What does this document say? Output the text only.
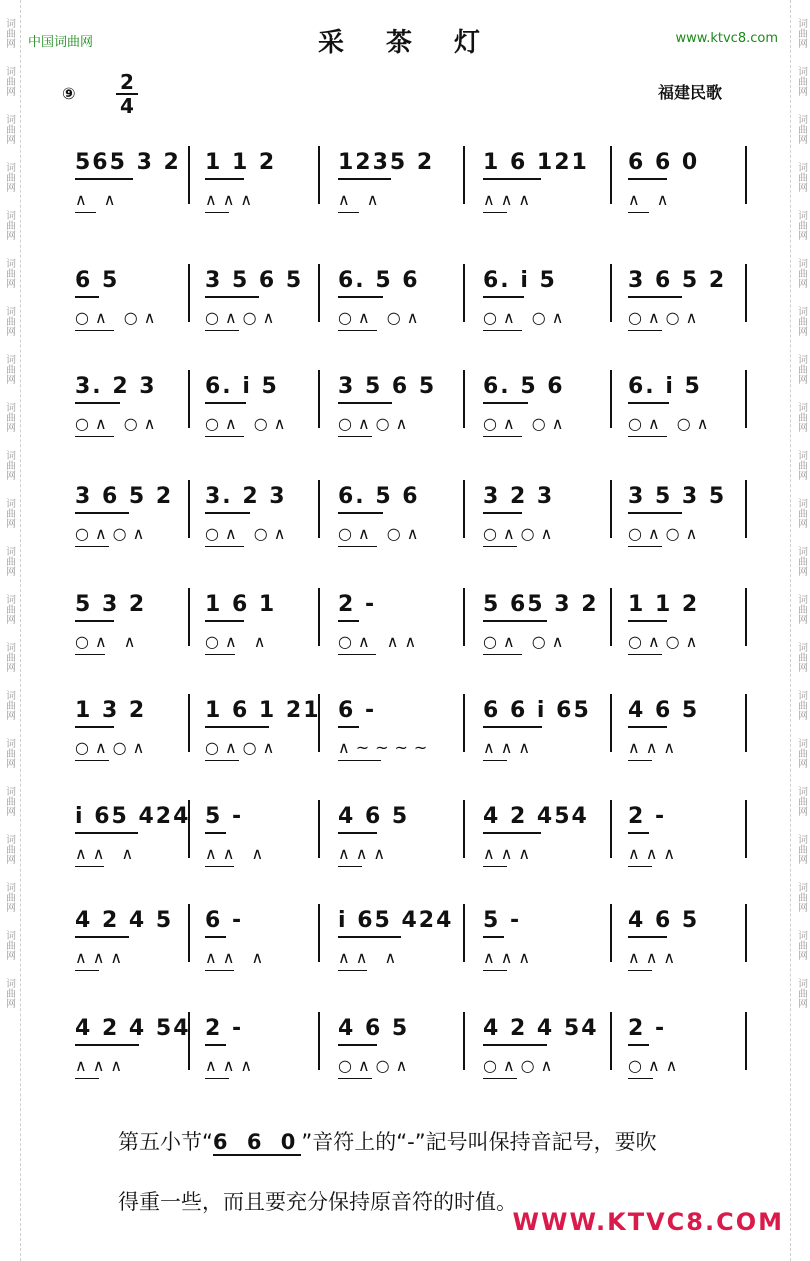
词曲网
词曲网
词曲网
词曲网
词曲网
词曲网
词曲网
词曲网
词曲网
词曲网
词曲网
词曲网
词曲网
词曲网
词曲网
词曲网
词曲网
词曲网
词曲网
词曲网
词曲网
词曲网
词曲网
词曲网
词曲网
词曲网
词曲网
词曲网
词曲网
词曲网
词曲网
词曲网
词曲网
词曲网
词曲网
词曲网
词曲网
词曲网
词曲网
词曲网
词曲网
词曲网
中国词曲网	www.ktvc8.com
采茶灯
⑨ 2
4
福建民歌
565 3 2
∧ ∧
1 1 2
∧∧∧
1235 2
∧ ∧
1 6 121
∧∧∧
6 6 0
∧ ∧
6 5
○∧ ○∧
3 5 6 5
○∧○∧
6. 5 6
○∧ ○∧
6. i 5
○∧ ○∧
3 6 5 2
○∧○∧
3. 2 3
○∧ ○∧
6. i 5
○∧ ○∧
3 5 6 5
○∧○∧
6. 5 6
○∧ ○∧
6. i 5
○∧ ○∧
3 6 5 2
○∧○∧
3. 2 3
○∧ ○∧
6. 5 6
○∧ ○∧
3 2 3
○∧○∧
3 5 3 5
○∧○∧
5 3 2
○∧ ∧
1 6 1
○∧ ∧
2 -
○∧ ∧∧
5 65 3 2
○∧ ○∧
1 1 2
○∧○∧
1 3 2
○∧○∧
1 6 1 21
○∧○∧
6 -
∧~~~~
6 6 i 65
∧∧∧
4 6 5
∧∧∧
i 65 424
∧∧ ∧
5 -
∧∧ ∧
4 6 5
∧∧∧
4 2 454
∧∧∧
2 -
∧∧∧
4 2 4 5
∧∧∧
6 -
∧∧ ∧
i 65 424
∧∧ ∧
5 -
∧∧∧
4 6 5
∧∧∧
4 2 4 54
∧∧∧
2 -
∧∧∧
4 6 5
○∧○∧
4 2 4 54
○∧○∧
2 -
○∧∧
第五小节“6 6 0”音符上的“-”記号叫保持音記号，要吹
得重一些，而且要充分保持原音符的时值。
WWW.KTVC8.COM
